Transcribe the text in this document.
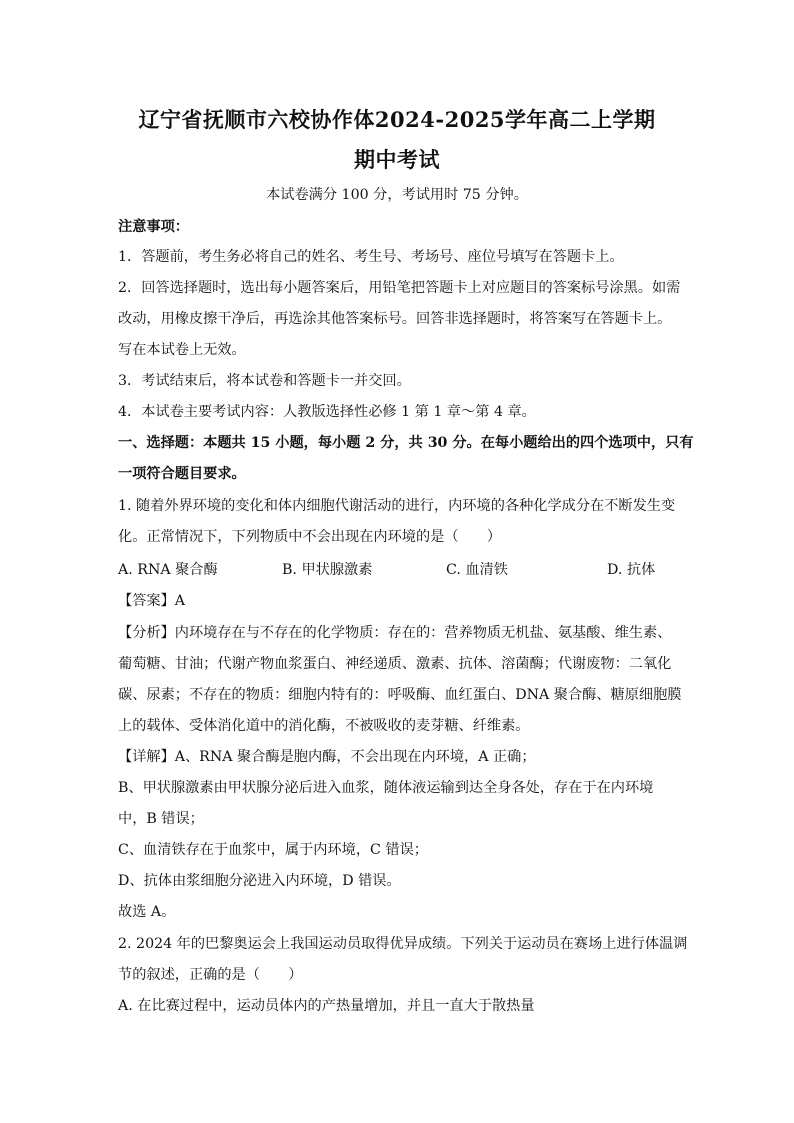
辽宁省抚顺市六校协作体2024-2025学年高二上学期
期中考试
本试卷满分 100 分，考试用时 75 分钟。
注意事项：
1．答题前，考生务必将自己的姓名、考生号、考场号、座位号填写在答题卡上。
2．回答选择题时，选出每小题答案后，用铅笔把答题卡上对应题目的答案标号涂黑。如需
改动，用橡皮擦干净后，再选涂其他答案标号。回答非选择题时，将答案写在答题卡上。
写在本试卷上无效。
3．考试结束后，将本试卷和答题卡一并交回。
4．本试卷主要考试内容：人教版选择性必修 1 第 1 章～第 4 章。
一、选择题：本题共 15 小题，每小题 2 分，共 30 分。在每小题给出的四个选项中，只有
一项符合题目要求。
1. 随着外界环境的变化和体内细胞代谢活动的进行，内环境的各种化学成分在不断发生变
化。正常情况下，下列物质中不会出现在内环境的是（　　）
A. RNA 聚合酶	B. 甲状腺激素	C. 血清铁	D. 抗体
【答案】A
【分析】内环境存在与不存在的化学物质：存在的：营养物质无机盐、氨基酸、维生素、
葡萄糖、甘油；代谢产物血浆蛋白、神经递质、激素、抗体、溶菌酶；代谢废物：二氧化
碳、尿素；不存在的物质：细胞内特有的：呼吸酶、血红蛋白、DNA 聚合酶、糖原细胞膜
上的载体、受体消化道中的消化酶，不被吸收的麦芽糖、纤维素。
【详解】A、RNA 聚合酶是胞内酶，不会出现在内环境，A 正确；
B、甲状腺激素由甲状腺分泌后进入血浆，随体液运输到达全身各处，存在于在内环境
中，B 错误；
C、血清铁存在于血浆中，属于内环境，C 错误；
D、抗体由浆细胞分泌进入内环境，D 错误。
故选 A。
2. 2024 年的巴黎奥运会上我国运动员取得优异成绩。下列关于运动员在赛场上进行体温调
节的叙述，正确的是（　　）
A. 在比赛过程中，运动员体内的产热量增加，并且一直大于散热量
